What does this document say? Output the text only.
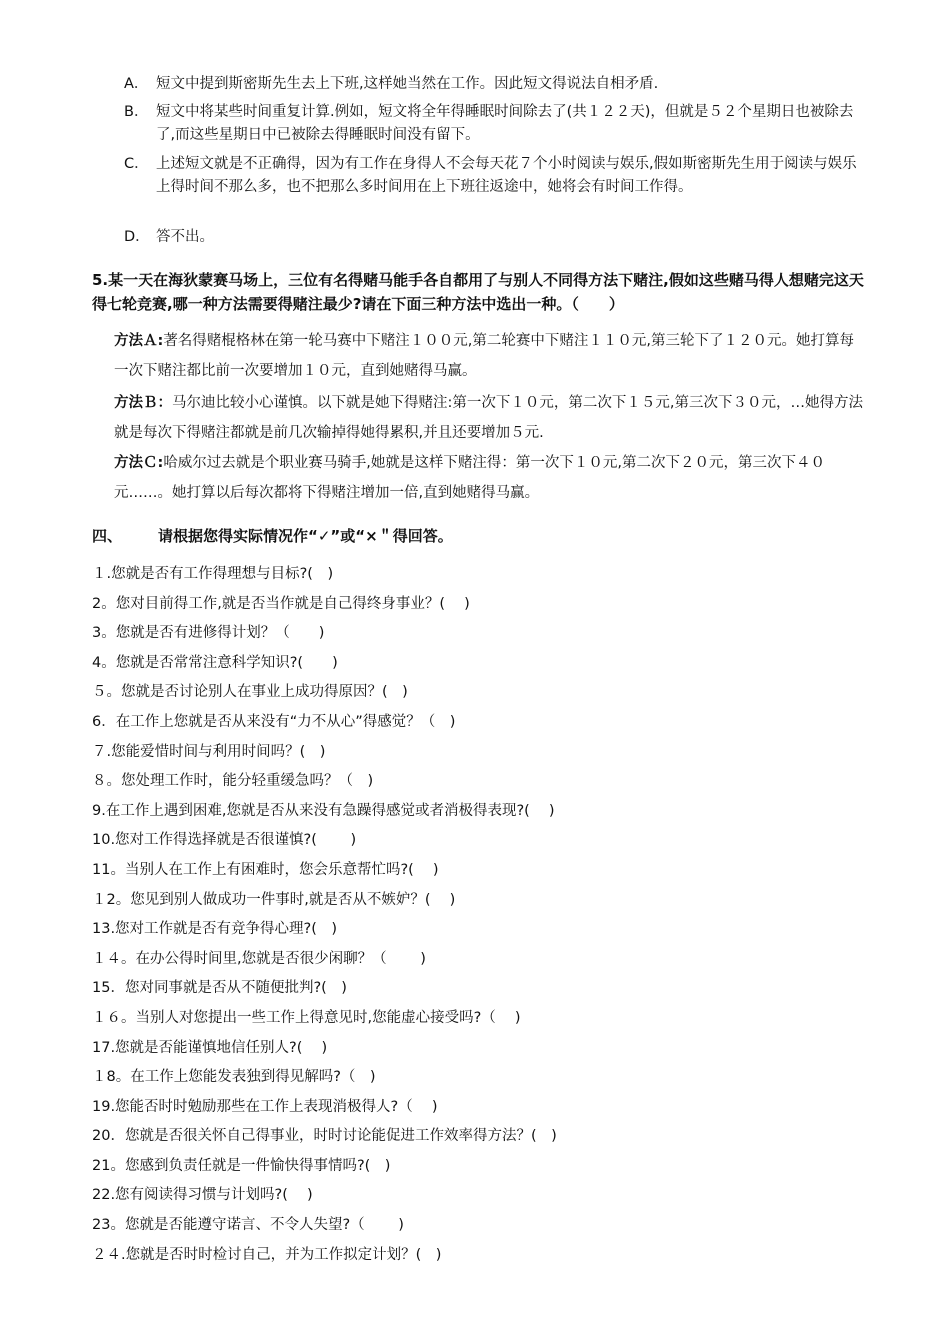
A． 短文中提到斯密斯先生去上下班,这样她当然在工作。因此短文得说法自相矛盾.
B． 短文中将某些时间重复计算.例如，短文将全年得睡眠时间除去了(共１２２天)，但就是５２个星期日也被除去了,而这些星期日中已被除去得睡眠时间没有留下。
C． 上述短文就是不正确得，因为有工作在身得人不会每天花７个小时阅读与娱乐,假如斯密斯先生用于阅读与娱乐上得时间不那么多，也不把那么多时间用在上下班往返途中，她将会有时间工作得。
D． 答不出。
5.某一天在海狄蒙赛马场上，三位有名得赌马能手各自都用了与别人不同得方法下赌注,假如这些赌马得人想赌完这天得七轮竞赛,哪一种方法需要得赌注最少?请在下面三种方法中选出一种。（　　）
方法Ａ:著名得赌棍格林在第一轮马赛中下赌注１００元,第二轮赛中下赌注１１０元,第三轮下了１２０元。她打算每一次下赌注都比前一次要增加１０元，直到她赌得马赢。
方法Ｂ：马尔迪比较小心谨慎。以下就是她下得赌注:第一次下１０元，第二次下１５元,第三次下３０元，…她得方法就是每次下得赌注都就是前几次输掉得她得累积,并且还要增加５元.
方法Ｃ:哈威尔过去就是个职业赛马骑手,她就是这样下赌注得：第一次下１０元,第二次下２０元，第三次下４０元……。她打算以后每次都将下得赌注增加一倍,直到她赌得马赢。
四、 请根据您得实际情况作“✓”或“×＂得回答。
１.您就是否有工作得理想与目标?(　)
2。您对目前得工作,就是否当作就是自己得终身事业？(　 )
3。您就是否有进修得计划？（　　)
4。您就是否常常注意科学知识?(　　)
５。您就是否讨论别人在事业上成功得原因？(　)
6．在工作上您就是否从来没有“力不从心”得感觉？（　)
７.您能爱惜时间与利用时间吗？(　)
８。您处理工作时，能分轻重缓急吗？（　)
9.在工作上遇到困难,您就是否从来没有急躁得感觉或者消极得表现?(　 )
10.您对工作得选择就是否很谨慎?(　　 )
11。当别人在工作上有困难时，您会乐意帮忙吗?(　 )
１2。您见到别人做成功一件事时,就是否从不嫉妒？(　 )
13.您对工作就是否有竞争得心理?(　)
１４。在办公得时间里,您就是否很少闲聊？（　　 )
15．您对同事就是否从不随便批判?(　)
１６。当别人对您提出一些工作上得意见时,您能虚心接受吗?（　 )
17.您就是否能谨慎地信任别人?(　 )
１8。在工作上您能发表独到得见解吗?（　)
19.您能否时时勉励那些在工作上表现消极得人?（　 )
20．您就是否很关怀自己得事业，时时讨论能促进工作效率得方法？(　)
21。您感到负责任就是一件愉快得事情吗?(　)
22.您有阅读得习惯与计划吗?(　 )
23。您就是否能遵守诺言、不令人失望?（　　 )
２４.您就是否时时检讨自己，并为工作拟定计划？(　)
